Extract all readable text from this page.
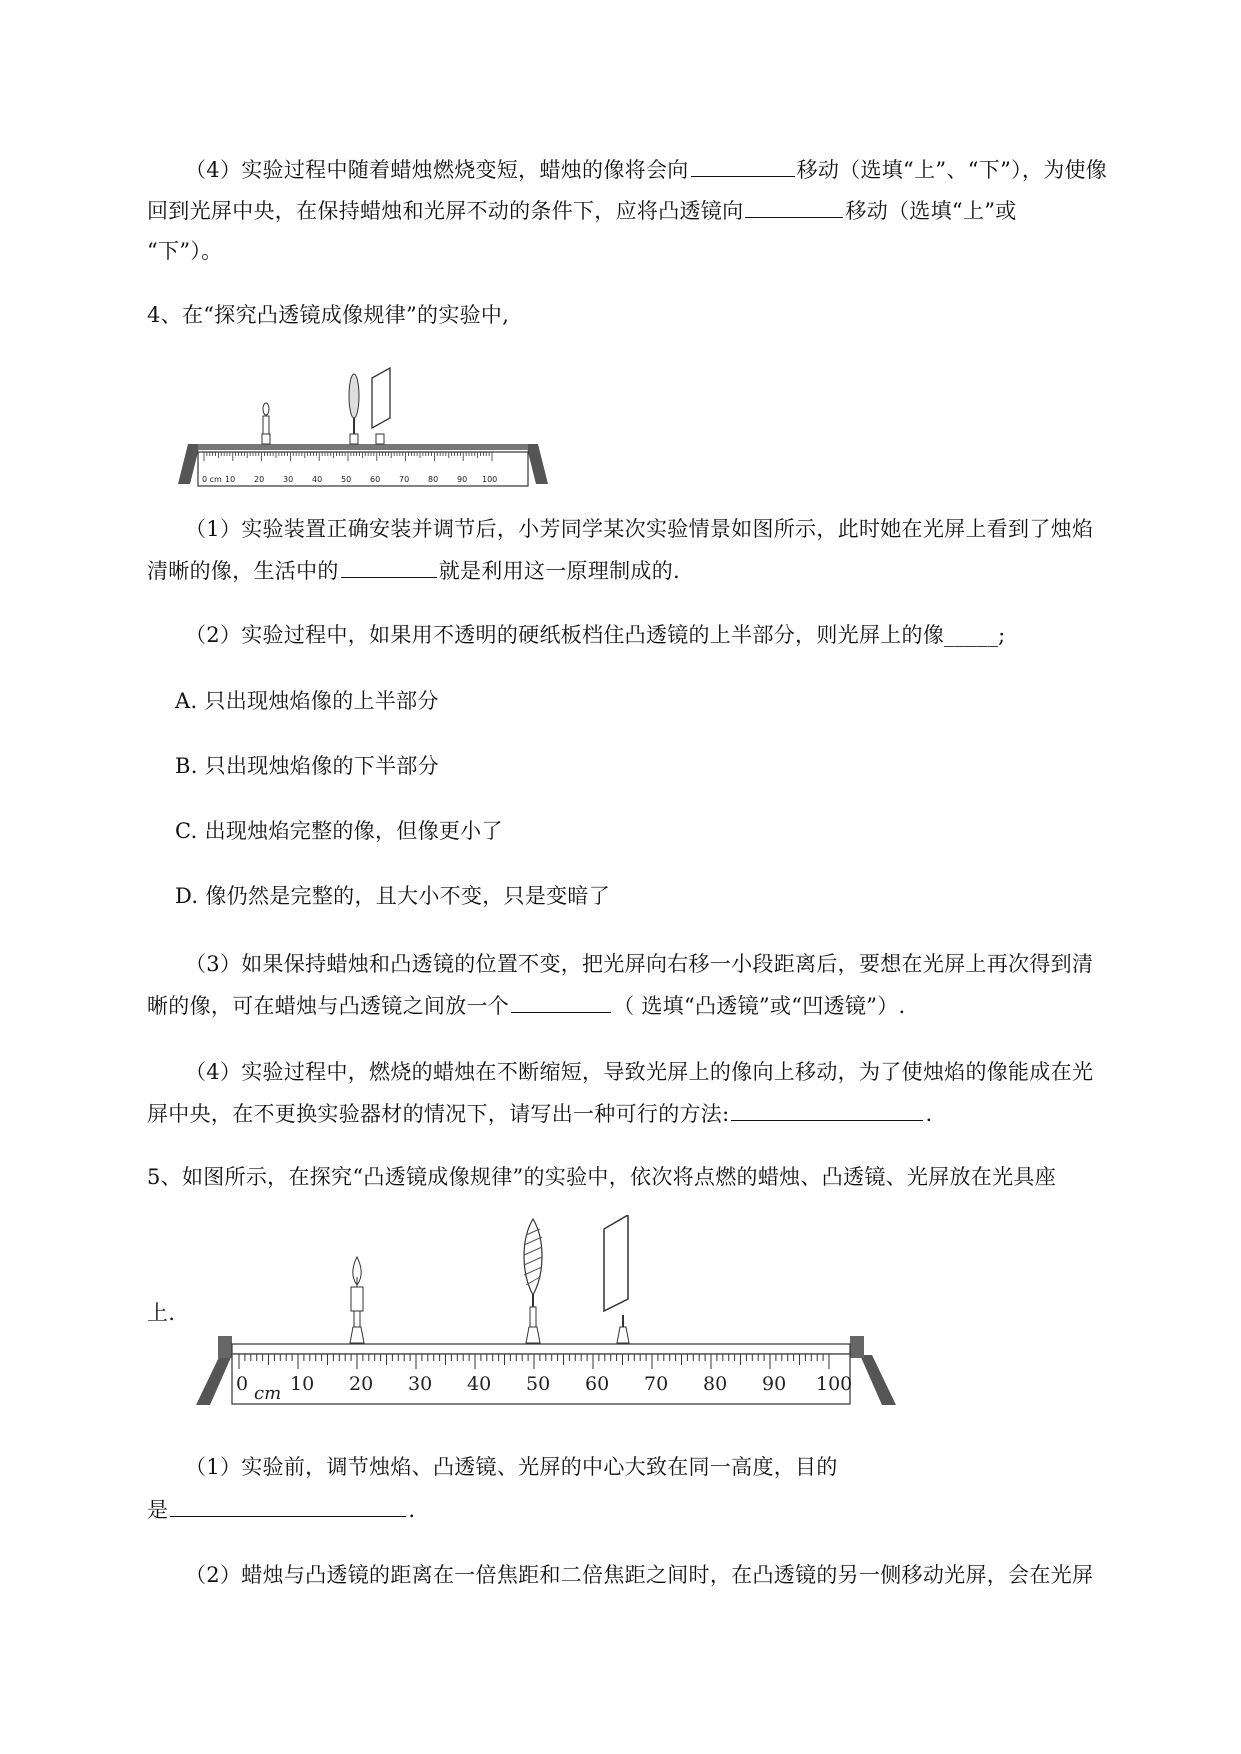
（4）实验过程中随着蜡烛燃烧变短，蜡烛的像将会向	移动（选填“上”、“下”），为使像
回到光屏中央，在保持蜡烛和光屏不动的条件下，应将凸透镜向	移动（选填“上”或
“下”）。
4、在“探究凸透镜成像规律”的实验中,
0 cm 10 20 30 40 50 60 70 80 90 100
（1）实验装置正确安装并调节后，小芳同学某次实验情景如图所示，此时她在光屏上看到了烛焰
清晰的像，生活中的	就是利用这一原理制成的.
（2）实验过程中，如果用不透明的硬纸板档住凸透镜的上半部分，则光屏上的像_____;
A. 只出现烛焰像的上半部分
B. 只出现烛焰像的下半部分
C. 出现烛焰完整的像，但像更小了
D. 像仍然是完整的，且大小不变，只是变暗了
（3）如果保持蜡烛和凸透镜的位置不变，把光屏向右移一小段距离后，要想在光屏上再次得到清
晰的像，可在蜡烛与凸透镜之间放一个	（ 选填“凸透镜”或“凹透镜”）.
（4）实验过程中，燃烧的蜡烛在不断缩短，导致光屏上的像向上移动，为了使烛焰的像能成在光
屏中央，在不更换实验器材的情况下，请写出一种可行的方法:	.
5、如图所示，在探究“凸透镜成像规律”的实验中，依次将点燃的蜡烛、凸透镜、光屏放在光具座
上.
0 cm 10 20 30 40 50 60 70 80 90 100
（1）实验前，调节烛焰、凸透镜、光屏的中心大致在同一高度，目的
是	.
（2）蜡烛与凸透镜的距离在一倍焦距和二倍焦距之间时，在凸透镜的另一侧移动光屏，会在光屏
